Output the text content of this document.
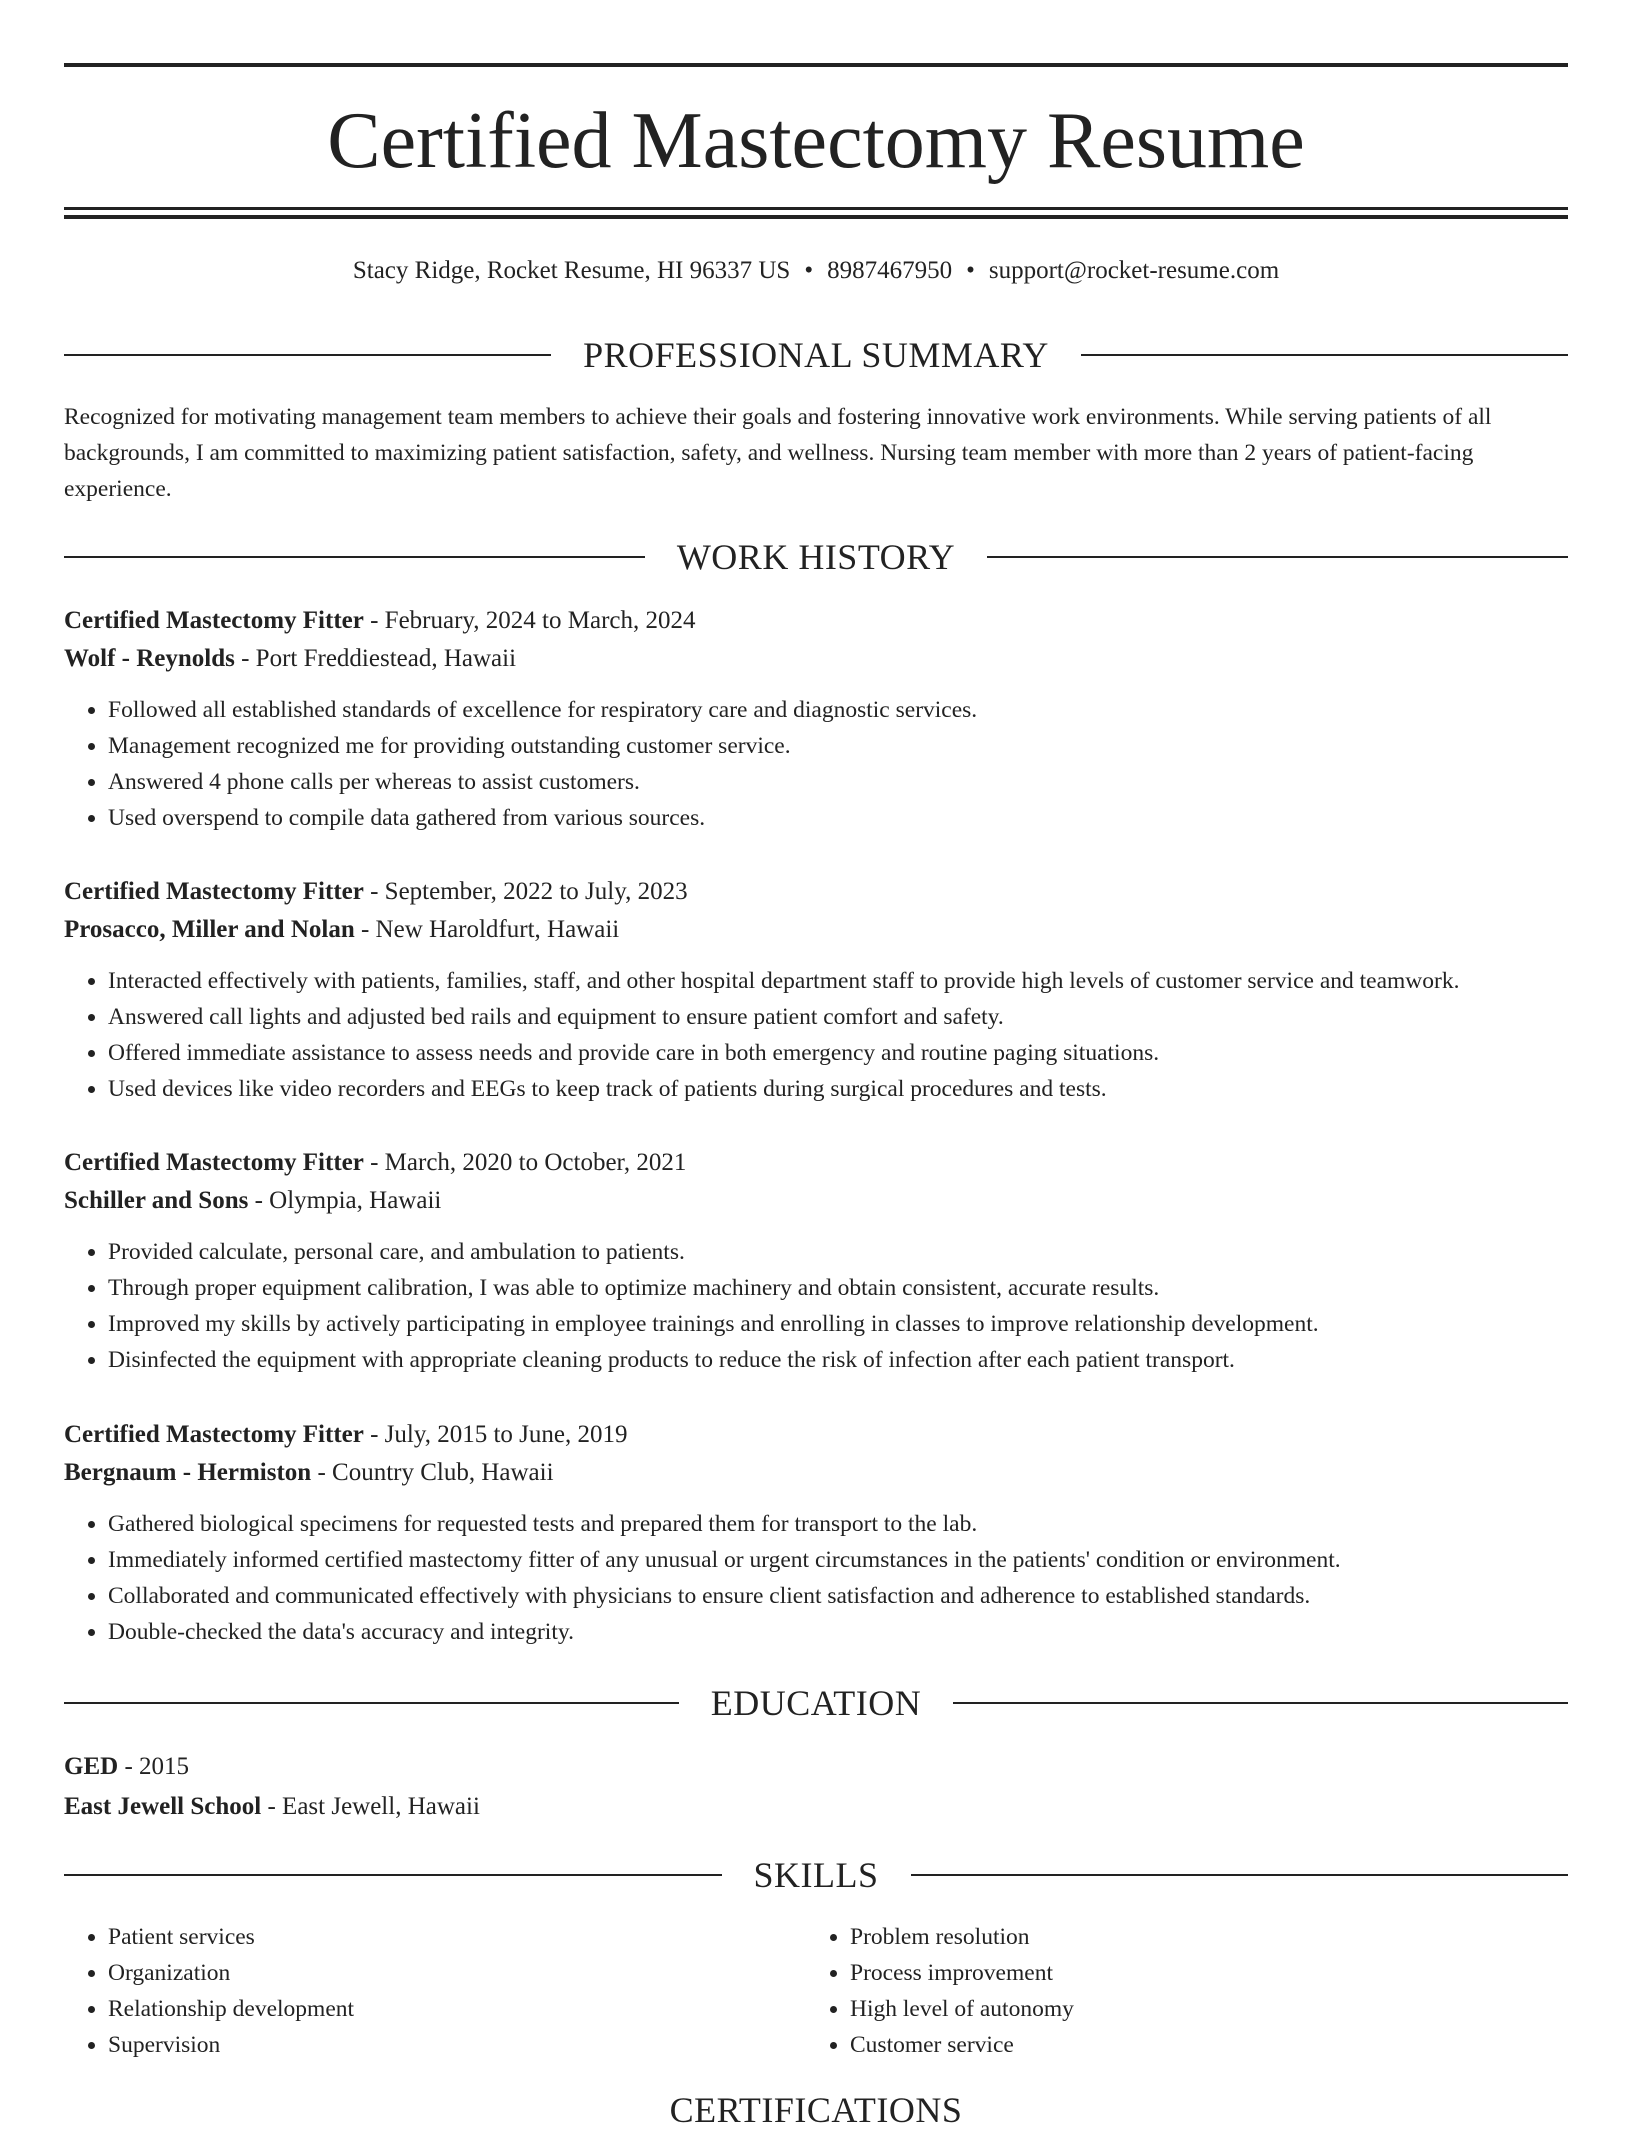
Certified Mastectomy Resume
Stacy Ridge, Rocket Resume, HI 96337 US • 8987467950 • support@rocket-resume.com
PROFESSIONAL SUMMARY
Recognized for motivating management team members to achieve their goals and fostering innovative work environments. While serving patients of all backgrounds, I am committed to maximizing patient satisfaction, safety, and wellness. Nursing team member with more than 2 years of patient-facing experience.
WORK HISTORY
Certified Mastectomy Fitter - February, 2024 to March, 2024
Wolf - Reynolds - Port Freddiestead, Hawaii
• Followed all established standards of excellence for respiratory care and diagnostic services.
• Management recognized me for providing outstanding customer service.
• Answered 4 phone calls per whereas to assist customers.
• Used overspend to compile data gathered from various sources.
Certified Mastectomy Fitter - September, 2022 to July, 2023
Prosacco, Miller and Nolan - New Haroldfurt, Hawaii
• Interacted effectively with patients, families, staff, and other hospital department staff to provide high levels of customer service and teamwork.
• Answered call lights and adjusted bed rails and equipment to ensure patient comfort and safety.
• Offered immediate assistance to assess needs and provide care in both emergency and routine paging situations.
• Used devices like video recorders and EEGs to keep track of patients during surgical procedures and tests.
Certified Mastectomy Fitter - March, 2020 to October, 2021
Schiller and Sons - Olympia, Hawaii
• Provided calculate, personal care, and ambulation to patients.
• Through proper equipment calibration, I was able to optimize machinery and obtain consistent, accurate results.
• Improved my skills by actively participating in employee trainings and enrolling in classes to improve relationship development.
• Disinfected the equipment with appropriate cleaning products to reduce the risk of infection after each patient transport.
Certified Mastectomy Fitter - July, 2015 to June, 2019
Bergnaum - Hermiston - Country Club, Hawaii
• Gathered biological specimens for requested tests and prepared them for transport to the lab.
• Immediately informed certified mastectomy fitter of any unusual or urgent circumstances in the patients' condition or environment.
• Collaborated and communicated effectively with physicians to ensure client satisfaction and adherence to established standards.
• Double-checked the data's accuracy and integrity.
EDUCATION
GED - 2015
East Jewell School - East Jewell, Hawaii
SKILLS
• Patient services
• Organization
• Relationship development
• Supervision
• Problem resolution
• Process improvement
• High level of autonomy
• Customer service
CERTIFICATIONS
